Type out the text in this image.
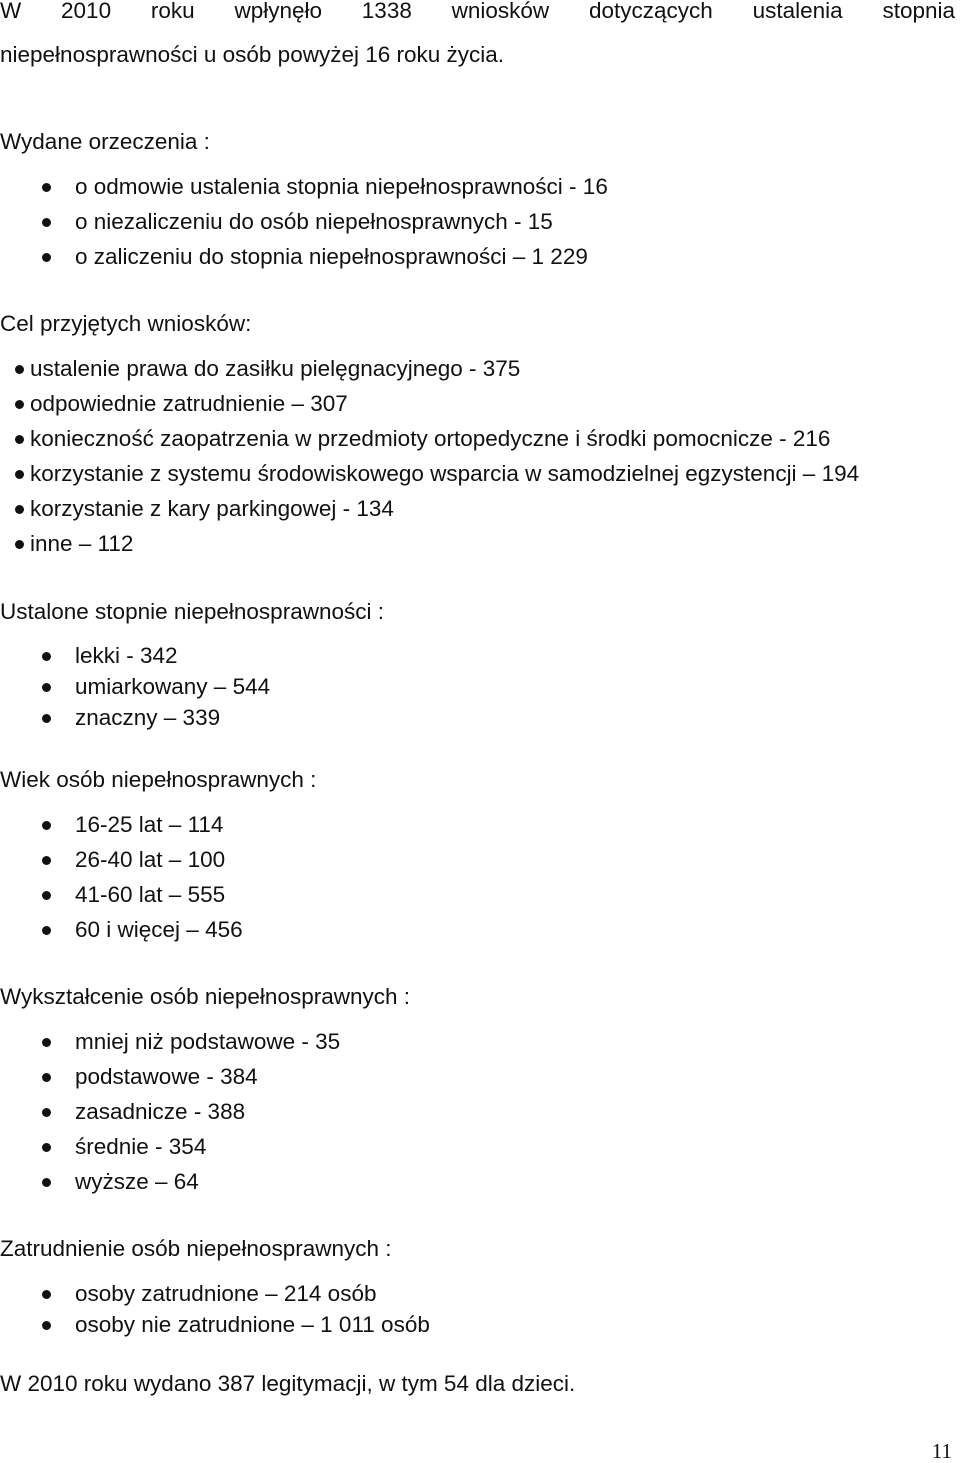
W 2010 roku wpłynęło 1338 wniosków dotyczących ustalenia stopnia
niepełnosprawności u osób powyżej 16 roku życia.
Wydane orzeczenia :
o odmowie ustalenia stopnia niepełnosprawności - 16
o niezaliczeniu do osób niepełnosprawnych - 15
o zaliczeniu do stopnia niepełnosprawności – 1 229
Cel przyjętych wniosków:
ustalenie prawa do zasiłku pielęgnacyjnego - 375
odpowiednie zatrudnienie – 307
konieczność zaopatrzenia w przedmioty ortopedyczne i środki pomocnicze - 216
korzystanie z systemu środowiskowego wsparcia w samodzielnej egzystencji – 194
korzystanie z kary parkingowej - 134
inne – 112
Ustalone stopnie niepełnosprawności :
lekki - 342
umiarkowany – 544
znaczny – 339
Wiek osób niepełnosprawnych :
16-25 lat – 114
26-40 lat – 100
41-60 lat – 555
60 i więcej – 456
Wykształcenie osób niepełnosprawnych :
mniej niż podstawowe - 35
podstawowe - 384
zasadnicze - 388
średnie - 354
wyższe – 64
Zatrudnienie osób niepełnosprawnych :
osoby zatrudnione – 214 osób
osoby nie zatrudnione – 1 011 osób
W 2010 roku wydano 387 legitymacji, w tym 54 dla dzieci.
11
